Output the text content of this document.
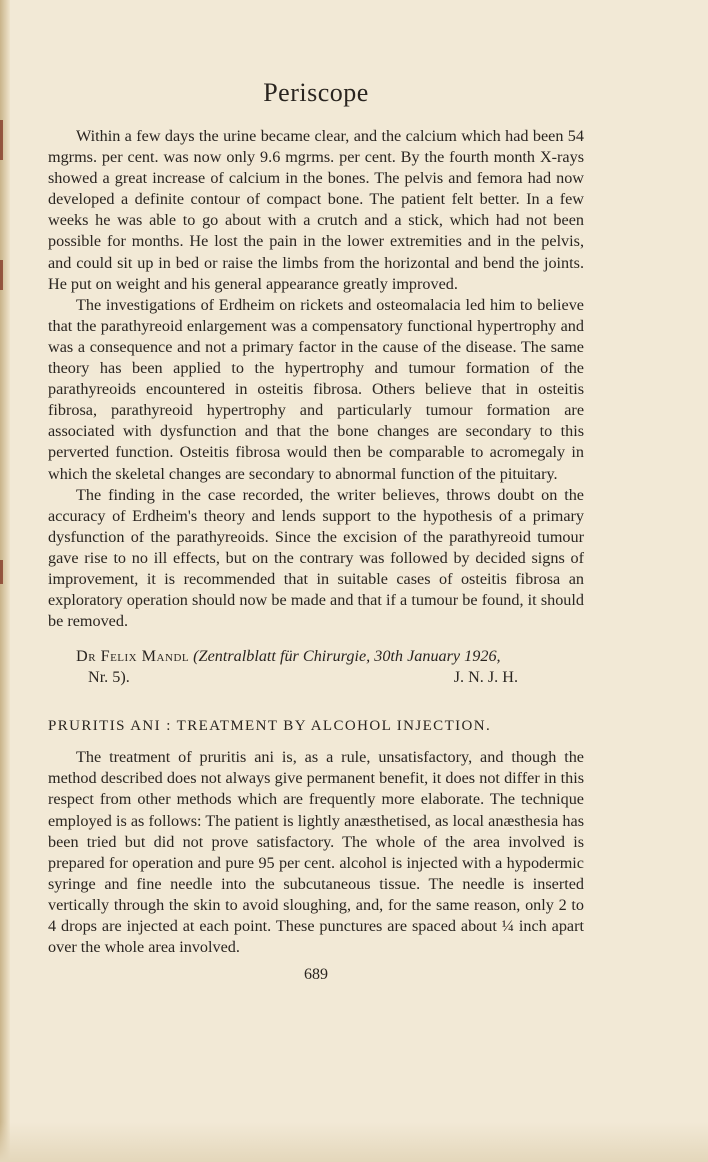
Periscope

Within a few days the urine became clear, and the calcium which had been 54 mgrms. per cent. was now only 9.6 mgrms. per cent. By the fourth month X-rays showed a great increase of calcium in the bones. The pelvis and femora had now developed a definite contour of compact bone. The patient felt better. In a few weeks he was able to go about with a crutch and a stick, which had not been possible for months. He lost the pain in the lower extremities and in the pelvis, and could sit up in bed or raise the limbs from the horizontal and bend the joints. He put on weight and his general appearance greatly improved.

The investigations of Erdheim on rickets and osteomalacia led him to believe that the parathyreoid enlargement was a compensatory functional hypertrophy and was a consequence and not a primary factor in the cause of the disease. The same theory has been applied to the hypertrophy and tumour formation of the parathyreoids encountered in osteitis fibrosa. Others believe that in osteitis fibrosa, parathyreoid hypertrophy and particularly tumour formation are associated with dysfunction and that the bone changes are secondary to this perverted function. Osteitis fibrosa would then be comparable to acromegaly in which the skeletal changes are secondary to abnormal function of the pituitary.

The finding in the case recorded, the writer believes, throws doubt on the accuracy of Erdheim's theory and lends support to the hypothesis of a primary dysfunction of the parathyreoids. Since the excision of the parathyreoid tumour gave rise to no ill effects, but on the contrary was followed by decided signs of improvement, it is recommended that in suitable cases of osteitis fibrosa an exploratory operation should now be made and that if a tumour be found, it should be removed.

Dr Felix Mandl (Zentralblatt für Chirurgie, 30th January 1926,
Nr. 5).	J. N. J. H.
PRURITIS ANI : TREATMENT BY ALCOHOL INJECTION.

The treatment of pruritis ani is, as a rule, unsatisfactory, and though the method described does not always give permanent benefit, it does not differ in this respect from other methods which are frequently more elaborate. The technique employed is as follows: The patient is lightly anæsthetised, as local anæsthesia has been tried but did not prove satisfactory. The whole of the area involved is prepared for operation and pure 95 per cent. alcohol is injected with a hypodermic syringe and fine needle into the subcutaneous tissue. The needle is inserted vertically through the skin to avoid sloughing, and, for the same reason, only 2 to 4 drops are injected at each point. These punctures are spaced about ¼ inch apart over the whole area involved.

689
